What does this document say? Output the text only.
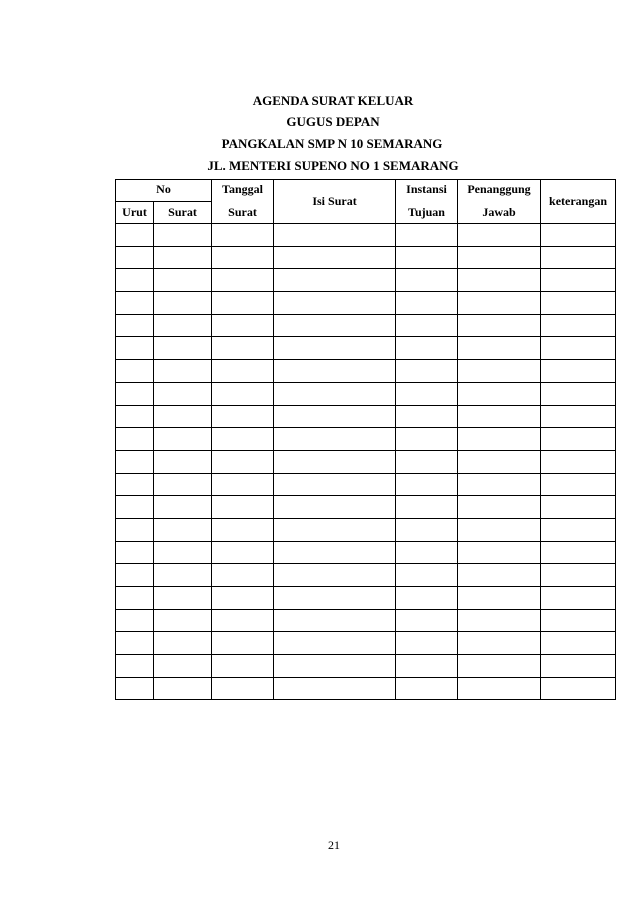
AGENDA SURAT KELUAR
GUGUS DEPAN
PANGKALAN SMP N 10 SEMARANG
JL. MENTERI SUPENO NO 1 SEMARANG
No		Tanggal	Isi Surat	Instansi	Penanggung	keterangan
Urut	Surat	Surat		Tujuan	Jawab	

21
